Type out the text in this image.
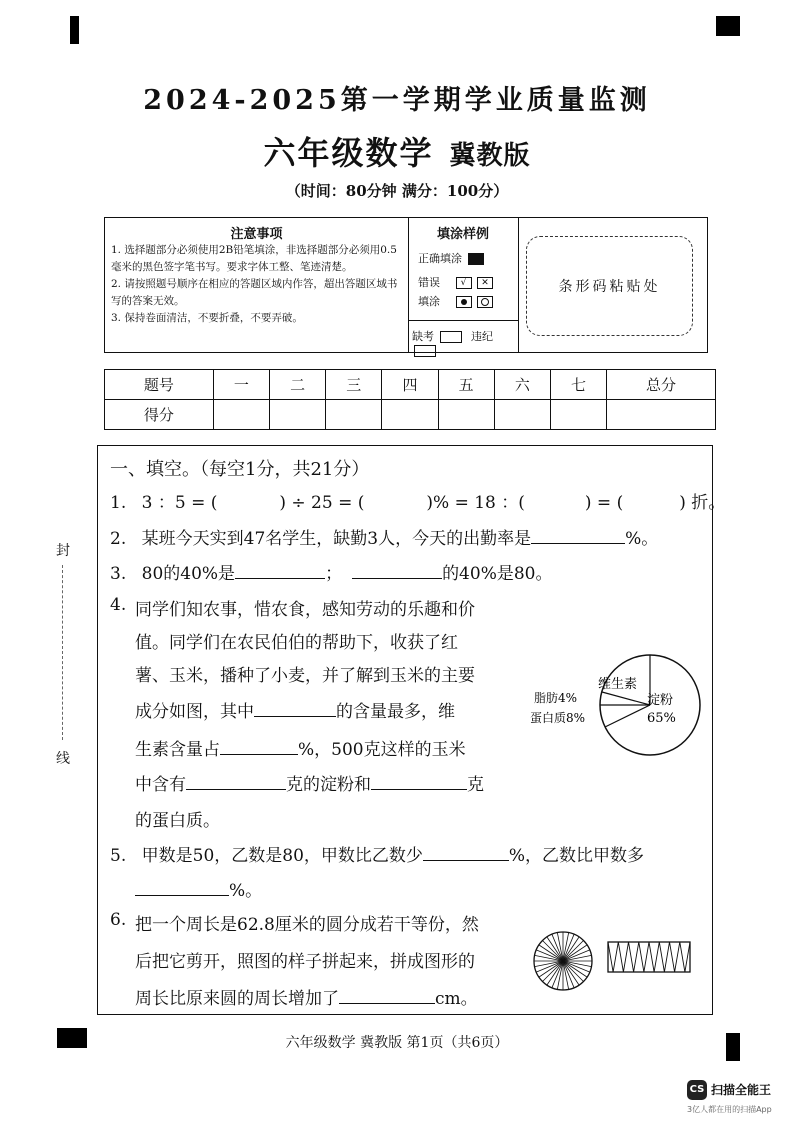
2024-2025第一学期学业质量监测
六年级数学 冀教版
（时间：80分钟 满分：100分）
注意事项
1. 选择题部分必须使用2B铅笔填涂，非选择题部分必须用0.5毫米的黑色签字笔书写。要求字体工整、笔迹清楚。
2. 请按照题号顺序在相应的答题区域内作答，超出答题区域书写的答案无效。
3. 保持卷面清洁，不要折叠，不要弄破。
填涂样例
正确填涂
错误 √ ✕
填涂

缺考	违纪
条形码粘贴处
题号	一	二	三	四	五	六	七	总分
得分								
封
线
一、填空。（每空1分，共21分）
1. 3 ：5 = (	) ÷ 25 = (	)% = 18 ：(	) = (	) 折。
2. 某班今天实到47名学生，缺勤3人，今天的出勤率是	%。
3. 80的40%是	；	的40%是80。
4. 同学们知农事，惜农食，感知劳动的乐趣和价
值。同学们在农民伯伯的帮助下，收获了红
薯、玉米，播种了小麦，并了解到玉米的主要
成分如图，其中	的含量最多，维
生素含量占	%，500克这样的玉米
中含有	克的淀粉和	克
的蛋白质。
维生素
脂肪4%
蛋白质8%
淀粉
65%
5. 甲数是50，乙数是80，甲数比乙数少	%，乙数比甲数多
%。
6. 把一个周长是62.8厘米的圆分成若干等份，然
后把它剪开，照图的样子拼起来，拼成图形的
周长比原来圆的周长增加了	cm。
六年级数学 冀教版 第1页（共6页）
CS 扫描全能王
3亿人都在用的扫描App
